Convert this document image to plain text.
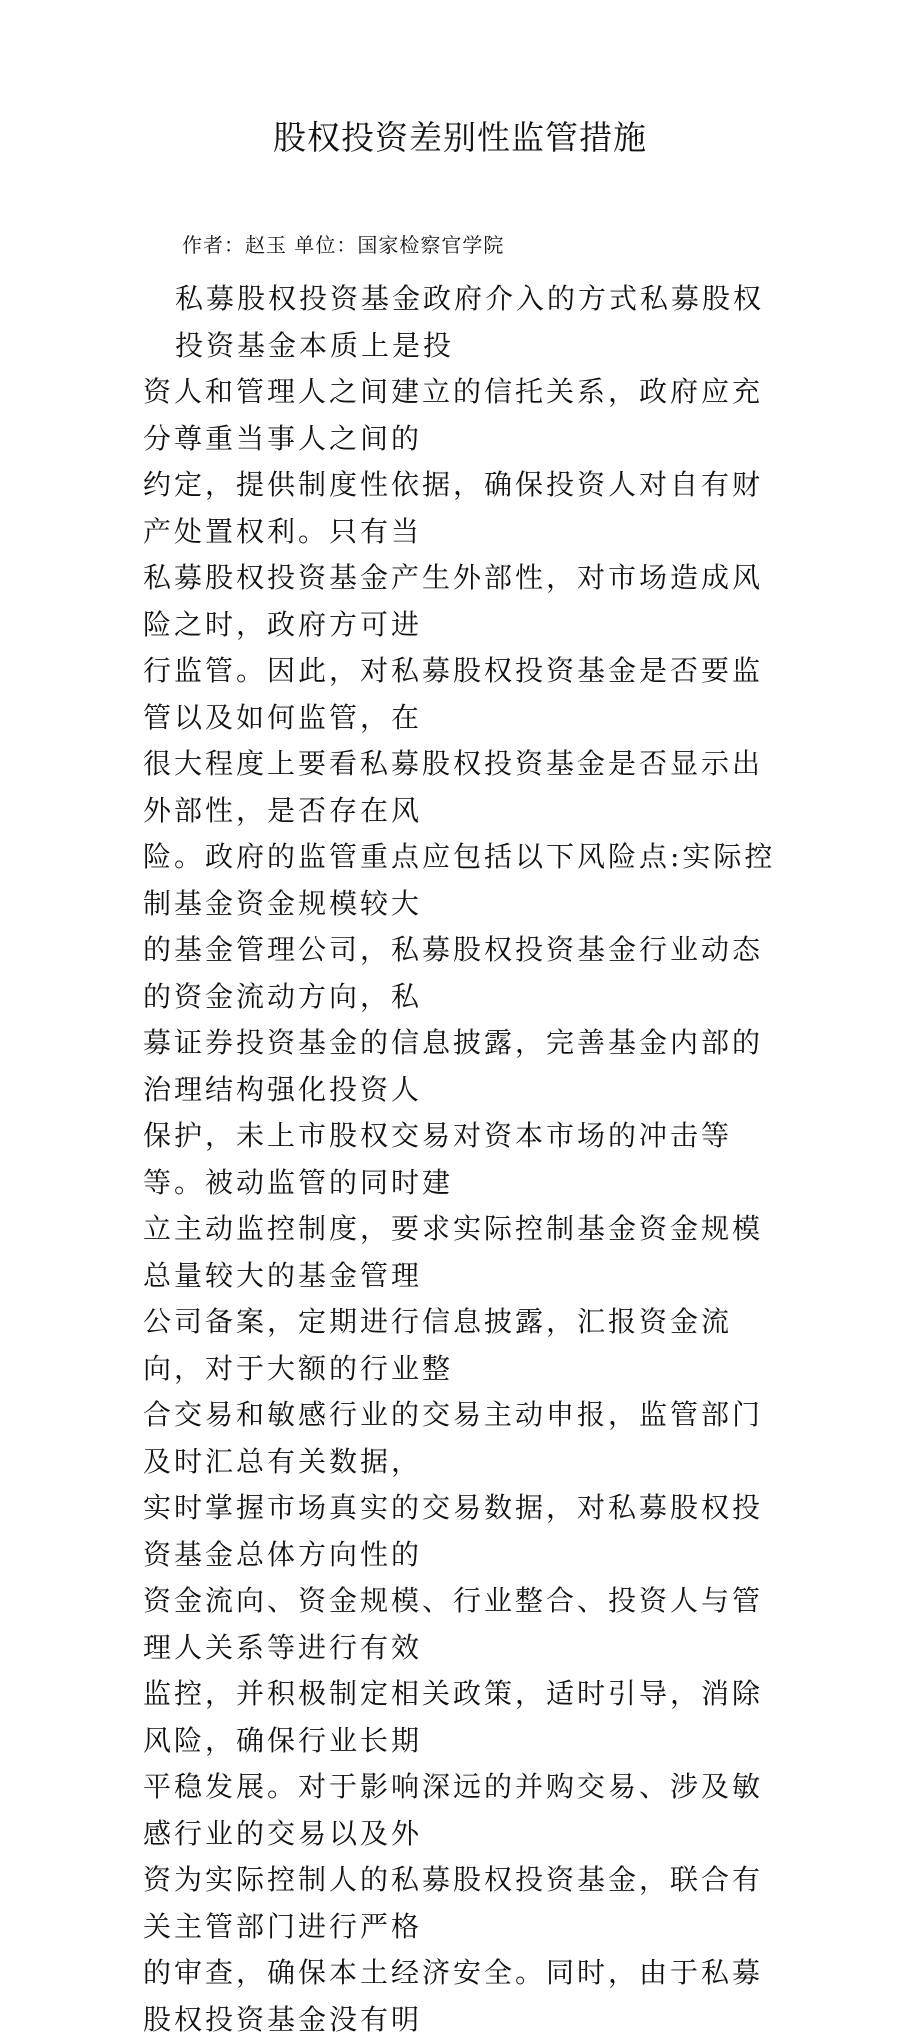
股权投资差别性监管措施
作者：赵玉 单位：国家检察官学院
私募股权投资基金政府介入的方式私募股权投资基金本质上是投
资人和管理人之间建立的信托关系，政府应充分尊重当事人之间的
约定，提供制度性依据，确保投资人对自有财产处置权利。只有当
私募股权投资基金产生外部性，对市场造成风险之时，政府方可进
行监管。因此，对私募股权投资基金是否要监管以及如何监管，在
很大程度上要看私募股权投资基金是否显示出外部性，是否存在风
险。政府的监管重点应包括以下风险点:实际控制基金资金规模较大
的基金管理公司，私募股权投资基金行业动态的资金流动方向，私
募证券投资基金的信息披露，完善基金内部的治理结构强化投资人
保护，未上市股权交易对资本市场的冲击等等。被动监管的同时建
立主动监控制度，要求实际控制基金资金规模总量较大的基金管理
公司备案，定期进行信息披露，汇报资金流向，对于大额的行业整
合交易和敏感行业的交易主动申报，监管部门及时汇总有关数据，
实时掌握市场真实的交易数据，对私募股权投资基金总体方向性的
资金流向、资金规模、行业整合、投资人与管理人关系等进行有效
监控，并积极制定相关政策，适时引导，消除风险，确保行业长期
平稳发展。对于影响深远的并购交易、涉及敏感行业的交易以及外
资为实际控制人的私募股权投资基金，联合有关主管部门进行严格
的审查，确保本土经济安全。同时，由于私募股权投资基金没有明
